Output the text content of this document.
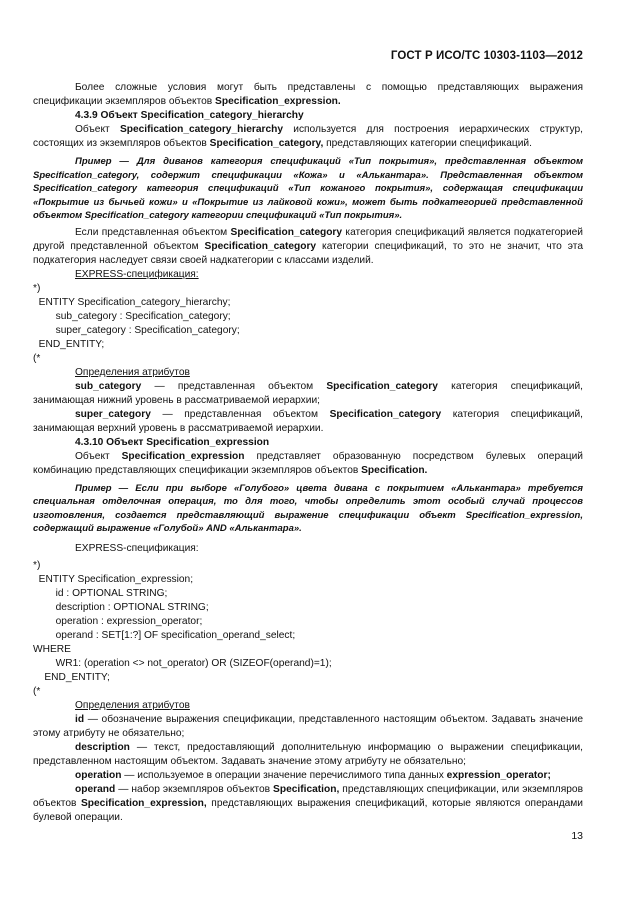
ГОСТ Р ИСО/ТС 10303-1103—2012

Более сложные условия могут быть представлены с помощью представляющих выражения спецификации экземпляров объектов Specification_expression.

4.3.9 Объект Specification_category_hierarchy

Объект Specification_category_hierarchy используется для построения иерархических структур, состоящих из экземпляров объектов Specification_category, представляющих категории спецификаций.

Пример — Для диванов категория спецификаций «Тип покрытия», представленная объектом Specification_category, содержит спецификации «Кожа» и «Алькантара». Представленная объектом Specification_category категория спецификаций «Тип кожаного покрытия», содержащая спецификации «Покрытие из бычьей кожи» и «Покрытие из лайковой кожи», может быть подкатегорией представленной объектом Specification_category категории спецификаций «Тип покрытия».

Если представленная объектом Specification_category категория спецификаций является подкатегорией другой представленной объектом Specification_category категории спецификаций, то это не значит, что эта подкатегория наследует связи своей надкатегории с классами изделий.

EXPRESS-спецификация:

*)

ENTITY Specification_category_hierarchy;

sub_category : Specification_category;

super_category : Specification_category;

END_ENTITY;

(*

Определения атрибутов

sub_category — представленная объектом Specification_category категория спецификаций, занимающая нижний уровень в рассматриваемой иерархии;

super_category — представленная объектом Specification_category категория спецификаций, занимающая верхний уровень в рассматриваемой иерархии.

4.3.10 Объект Specification_expression

Объект Specification_expression представляет образованную посредством булевых операций комбинацию представляющих спецификации экземпляров объектов Specification.

Пример — Если при выборе «Голубого» цвета дивана с покрытием «Алькантара» требуется специальная отделочная операция, то для того, чтобы определить этот особый случай процессов изготовления, создается представляющий выражение спецификации объект Specification_expression, содержащий выражение «Голубой» AND «Алькантара».

EXPRESS-спецификация:

*)

ENTITY Specification_expression;

id : OPTIONAL STRING;

description : OPTIONAL STRING;

operation : expression_operator;

operand : SET[1:?] OF specification_operand_select;

WHERE

WR1: (operation <> not_operator) OR (SIZEOF(operand)=1);

END_ENTITY;

(*

Определения атрибутов

id — обозначение выражения спецификации, представленного настоящим объектом. Задавать значение этому атрибуту не обязательно;

description — текст, предоставляющий дополнительную информацию о выражении спецификации, представленном настоящим объектом. Задавать значение этому атрибуту не обязательно;

operation — используемое в операции значение перечислимого типа данных expression_operator;

operand — набор экземпляров объектов Specification, представляющих спецификации, или экземпляров объектов Specification_expression, представляющих выражения спецификаций, которые являются операндами булевой операции.

13
